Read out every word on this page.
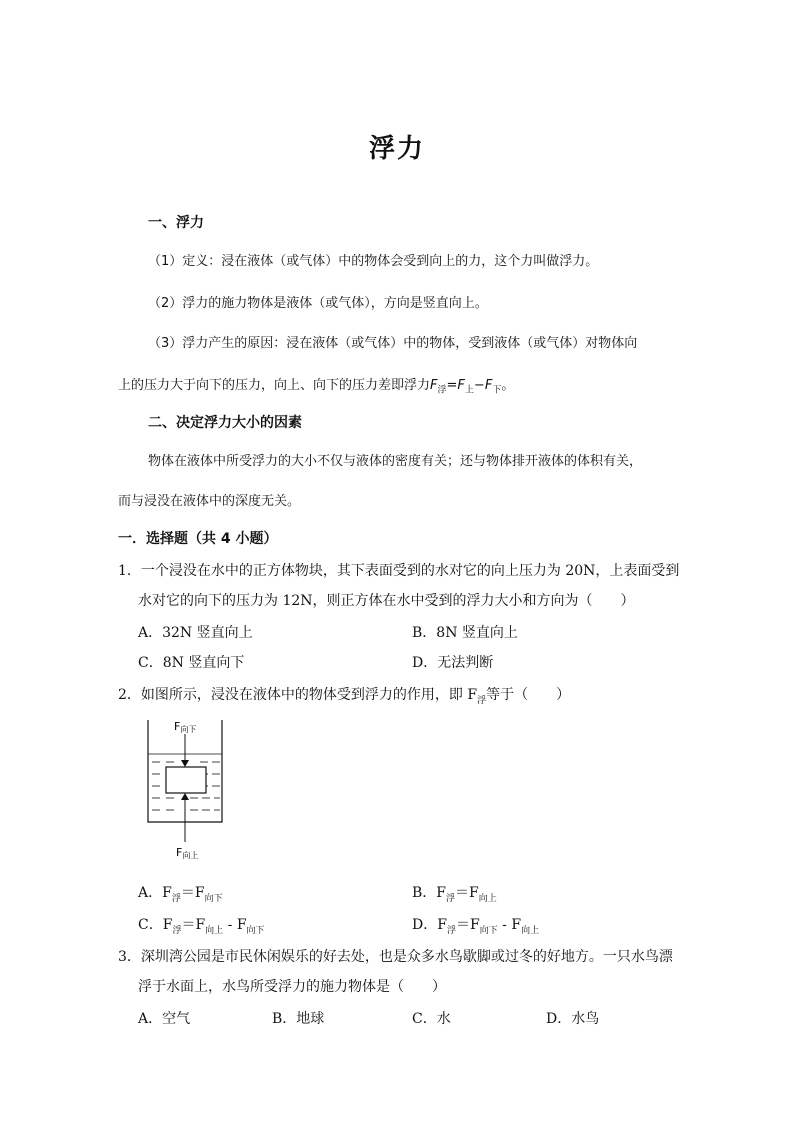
浮力
一、浮力
（1）定义：浸在液体（或气体）中的物体会受到向上的力，这个力叫做浮力。
（2）浮力的施力物体是液体（或气体），方向是竖直向上。
（3）浮力产生的原因：浸在液体（或气体）中的物体，受到液体（或气体）对物体向
上的压力大于向下的压力，向上、向下的压力差即浮力$F_浮=F_上-F_下$。
二、决定浮力大小的因素
物体在液体中所受浮力的大小不仅与液体的密度有关；还与物体排开液体的体积有关，
而与浸没在液体中的深度无关。
一．选择题（共 4 小题）
1．一个浸没在水中的正方体物块，其下表面受到的水对它的向上压力为 20N，上表面受到
水对它的向下的压力为 12N，则正方体在水中受到的浮力大小和方向为（　　）
A．32N 竖直向上	B．8N 竖直向上
C．8N 竖直向下	D．无法判断
2．如图所示，浸没在液体中的物体受到浮力的作用，即 $F_浮$等于（　　）
F向下
F向上
A．$F_浮=F_{向下}$	B．$F_浮=F_{向上}$
C．$F_浮=F_{向上} - F_{向下}$	D．$F_浮=F_{向下} - F_{向上}$
3．深圳湾公园是市民休闲娱乐的好去处，也是众多水鸟歇脚或过冬的好地方。一只水鸟漂
浮于水面上，水鸟所受浮力的施力物体是（　　）
A．空气	B．地球	C．水	D．水鸟
